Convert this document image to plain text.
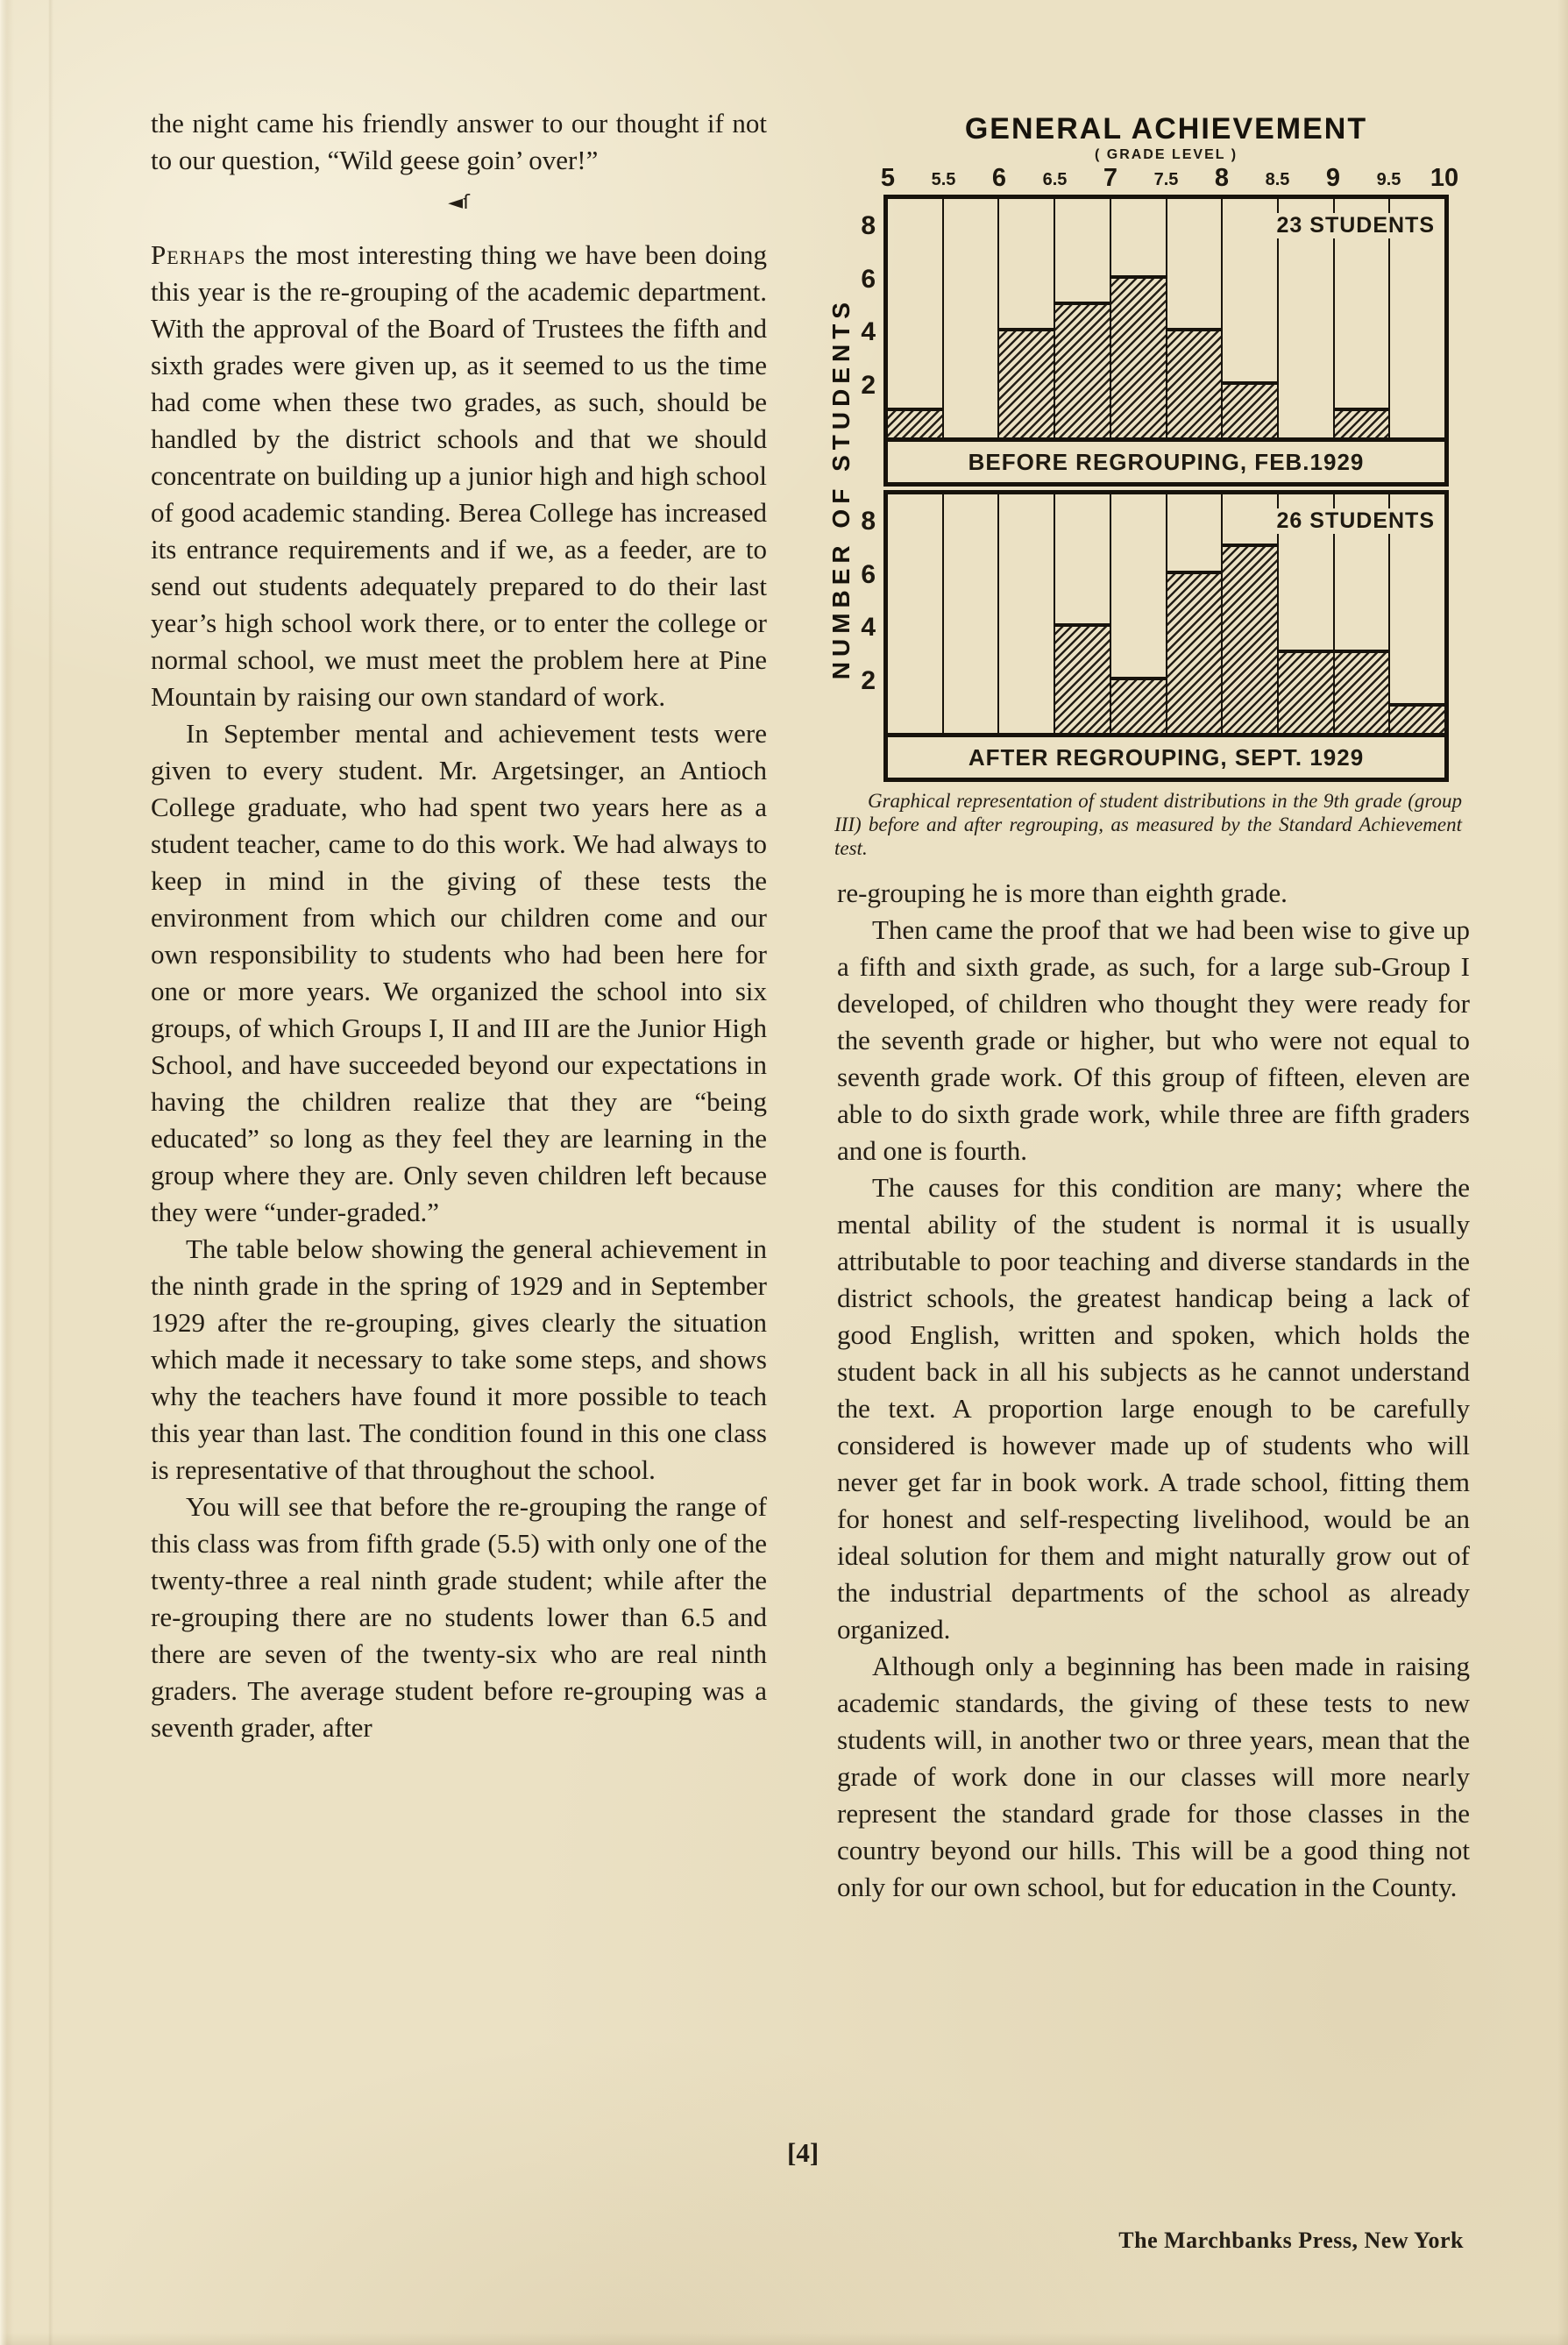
the night came his friendly answer to our thought if not to our question, “Wild geese goin’ over!”

◄ſ

Perhaps the most interesting thing we have been doing this year is the re-grouping of the academic department. With the approval of the Board of Trustees the fifth and sixth grades were given up, as it seemed to us the time had come when these two grades, as such, should be handled by the district schools and that we should concentrate on building up a junior high and high school of good academic standing. Berea College has increased its entrance requirements and if we, as a feeder, are to send out students adequately prepared to do their last year’s high school work there, or to enter the college or normal school, we must meet the problem here at Pine Mountain by raising our own standard of work.

In September mental and achievement tests were given to every student. Mr. Argetsinger, an Antioch College graduate, who had spent two years here as a student teacher, came to do this work. We had always to keep in mind in the giving of these tests the environment from which our children come and our own responsibility to students who had been here for one or more years. We organized the school into six groups, of which Groups I, II and III are the Junior High School, and have succeeded beyond our expectations in having the children realize that they are “being educated” so long as they feel they are learning in the group where they are. Only seven children left because they were “under-graded.”

The table below showing the general achievement in the ninth grade in the spring of 1929 and in September 1929 after the re-grouping, gives clearly the situation which made it necessary to take some steps, and shows why the teachers have found it more possible to teach this year than last. The condition found in this one class is representative of that throughout the school.

You will see that before the re-grouping the range of this class was from fifth grade (5.5) with only one of the twenty-three a real ninth grade student; while after the re-grouping there are no students lower than 6.5 and there are seven of the twenty-six who are real ninth graders. The average student before re-grouping was a seventh grader, after

re-grouping he is more than eighth grade.

Then came the proof that we had been wise to give up a fifth and sixth grade, as such, for a large sub-Group I developed, of children who thought they were ready for the seventh grade or higher, but who were not equal to seventh grade work. Of this group of fifteen, eleven are able to do sixth grade work, while three are fifth graders and one is fourth.

The causes for this condition are many; where the mental ability of the student is normal it is usually attributable to poor teaching and diverse standards in the district schools, the greatest handicap being a lack of good English, written and spoken, which holds the student back in all his subjects as he cannot understand the text. A proportion large enough to be carefully considered is however made up of students who will never get far in book work. A trade school, fitting them for honest and self-respecting livelihood, would be an ideal solution for them and might naturally grow out of the industrial departments of the school as already organized.

Although only a beginning has been made in raising academic standards, the giving of these tests to new students will, in another two or three years, mean that the grade of work done in our classes will more nearly represent the standard grade for those classes in the country beyond our hills. This will be a good thing not only for our own school, but for education in the County.

NUMBER OF STUDENTS
GENERAL ACHIEVEMENT
( GRADE LEVEL )
5 5.5 6 6.5 7 7.5 8 8.5 9 9.5 10
23 STUDENTS
8
6
4
2
BEFORE REGROUPING, FEB.1929
26 STUDENTS
8
6
4
2
AFTER REGROUPING, SEPT. 1929
Graphical representation of student distributions in the 9th grade (group III) before and after regrouping, as measured by the Standard Achievement test.
[4]
The Marchbanks Press, New York
